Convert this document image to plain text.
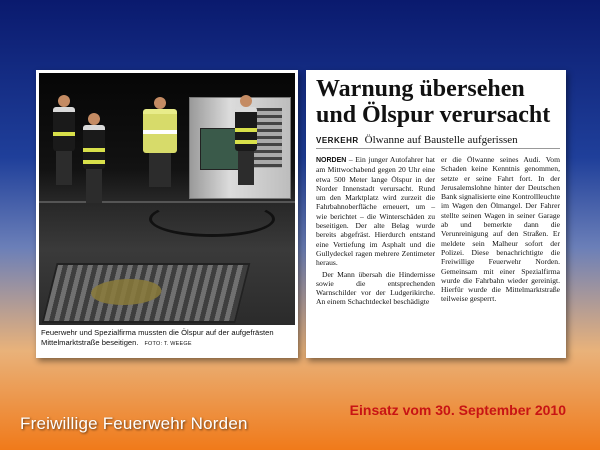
Feuerwehr und Spezialfirma mussten die Ölspur auf der aufgefrästen Mittelmarktstraße beseitigen. FOTO: T. WEEGE
Warnung übersehen und Ölspur verursacht
VERKEHR Ölwanne auf Baustelle aufgerissen

NORDEN – Ein junger Autofahrer hat am Mittwochabend gegen 20 Uhr eine etwa 500 Meter lange Ölspur in der Norder Innenstadt verursacht. Rund um den Marktplatz wird zurzeit die Fahrbahnoberfläche erneuert, um – wie berichtet – die Winterschäden zu beseitigen. Der alte Belag wurde bereits abgefräst. Hierdurch entstand eine Vertiefung im Asphalt und die Gullydeckel ragen mehrere Zentimeter heraus.

Der Mann übersah die Hindernisse sowie die entsprechenden Warnschilder vor der Ludgerikirche. An einem Schachtdeckel beschädigte

er die Ölwanne seines Audi. Vom Schaden keine Kenntnis genommen, setzte er seine Fahrt fort. In der Jerusalemslohne hinter der Deutschen Bank signalisierte eine Kontrollleuchte im Wagen den Ölmangel. Der Fahrer stellte seinen Wagen in seiner Garage ab und bemerkte dann die Verunreinigung auf den Straßen. Er meldete sein Malheur sofort der Polizei. Diese benachrichtigte die Freiwillige Feuerwehr Norden. Gemeinsam mit einer Spezialfirma wurde die Fahrbahn wieder gereinigt. Hierfür wurde die Mittelmarktstraße teilweise gesperrt.

Freiwillige Feuerwehr Norden
Einsatz vom 30. September 2010
